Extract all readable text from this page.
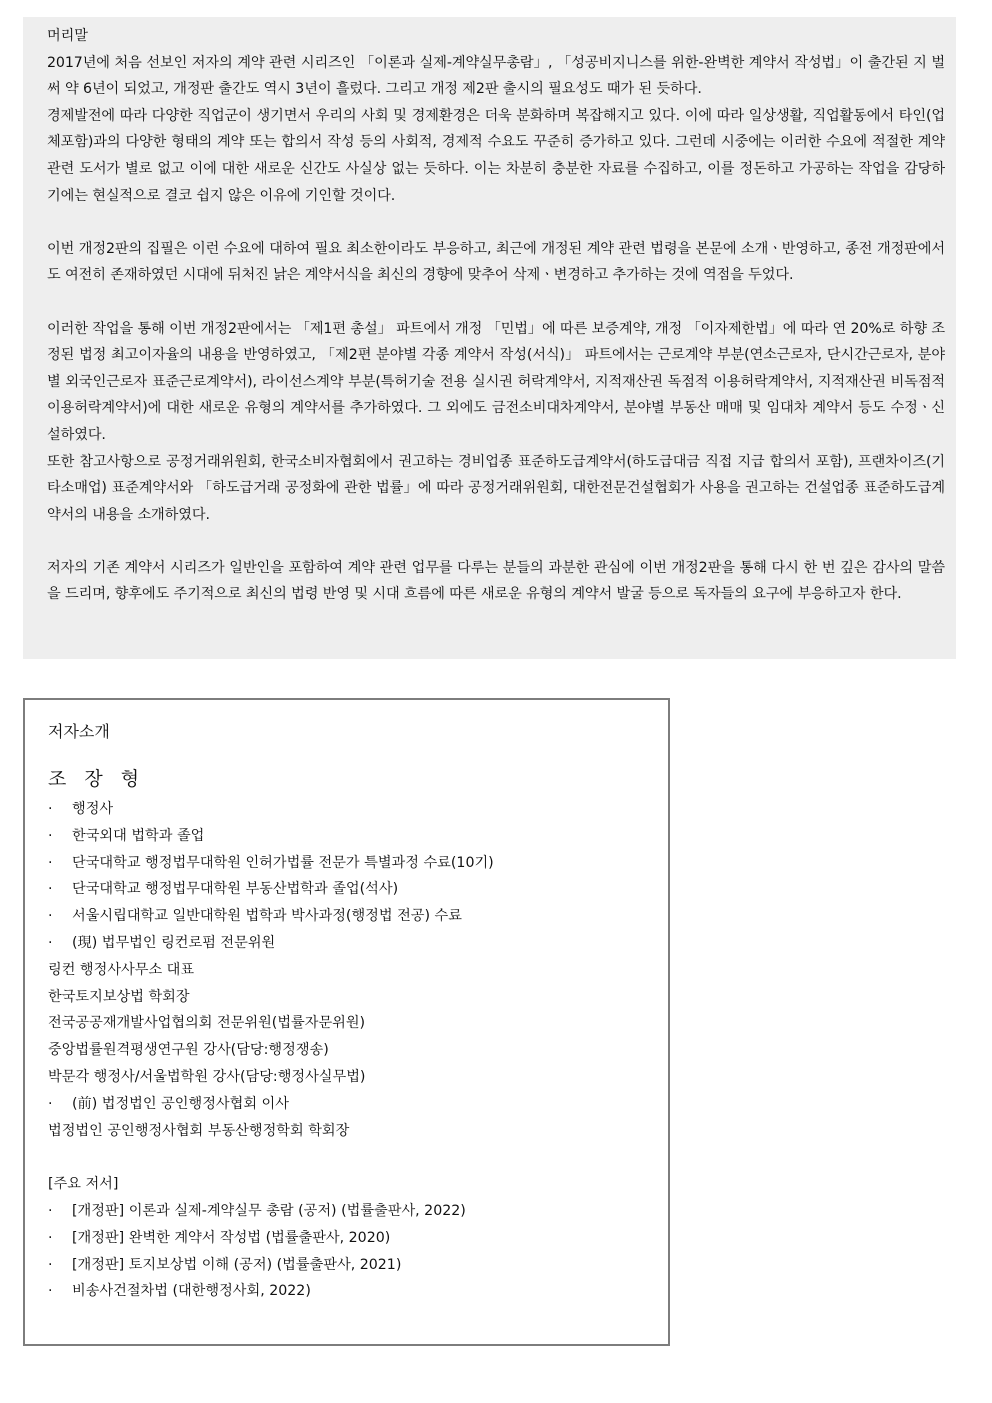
머리말

2017년에 처음 선보인 저자의 계약 관련 시리즈인 「이론과 실제-계약실무총람」, 「성공비지니스를 위한-완벽한 계약서 작성법」이 출간된 지 벌써 약 6년이 되었고, 개정판 출간도 역시 3년이 흘렀다. 그리고 개정 제2판 출시의 필요성도 때가 된 듯하다.

경제발전에 따라 다양한 직업군이 생기면서 우리의 사회 및 경제환경은 더욱 분화하며 복잡해지고 있다. 이에 따라 일상생활, 직업활동에서 타인(업체포함)과의 다양한 형태의 계약 또는 합의서 작성 등의 사회적, 경제적 수요도 꾸준히 증가하고 있다. 그런데 시중에는 이러한 수요에 적절한 계약 관련 도서가 별로 없고 이에 대한 새로운 신간도 사실상 없는 듯하다. 이는 차분히 충분한 자료를 수집하고, 이를 정돈하고 가공하는 작업을 감당하기에는 현실적으로 결코 쉽지 않은 이유에 기인할 것이다.

이번 개정2판의 집필은 이런 수요에 대하여 필요 최소한이라도 부응하고, 최근에 개정된 계약 관련 법령을 본문에 소개ㆍ반영하고, 종전 개정판에서도 여전히 존재하였던 시대에 뒤처진 낡은 계약서식을 최신의 경향에 맞추어 삭제ㆍ변경하고 추가하는 것에 역점을 두었다.

이러한 작업을 통해 이번 개정2판에서는 「제1편 총설」 파트에서 개정 「민법」에 따른 보증계약, 개정 「이자제한법」에 따라 연 20%로 하향 조정된 법정 최고이자율의 내용을 반영하였고, 「제2편 분야별 각종 계약서 작성(서식)」 파트에서는 근로계약 부분(연소근로자, 단시간근로자, 분야별 외국인근로자 표준근로계약서), 라이선스계약 부분(특허기술 전용 실시권 허락계약서, 지적재산권 독점적 이용허락계약서, 지적재산권 비독점적 이용허락계약서)에 대한 새로운 유형의 계약서를 추가하였다. 그 외에도 금전소비대차계약서, 분야별 부동산 매매 및 임대차 계약서 등도 수정ㆍ신설하였다.

또한 참고사항으로 공정거래위원회, 한국소비자협회에서 권고하는 경비업종 표준하도급계약서(하도급대금 직접 지급 합의서 포함), 프랜차이즈(기타소매업) 표준계약서와 「하도급거래 공정화에 관한 법률」에 따라 공정거래위원회, 대한전문건설협회가 사용을 권고하는 건설업종 표준하도급계약서의 내용을 소개하였다.

저자의 기존 계약서 시리즈가 일반인을 포함하여 계약 관련 업무를 다루는 분들의 과분한 관심에 이번 개정2판을 통해 다시 한 번 깊은 감사의 말씀을 드리며, 향후에도 주기적으로 최신의 법령 반영 및 시대 흐름에 따른 새로운 유형의 계약서 발굴 등으로 독자들의 요구에 부응하고자 한다.

저자소개

조 장 형

· 행정사

· 한국외대 법학과 졸업

· 단국대학교 행정법무대학원 인허가법률 전문가 특별과정 수료(10기)

· 단국대학교 행정법무대학원 부동산법학과 졸업(석사)

· 서울시립대학교 일반대학원 법학과 박사과정(행정법 전공) 수료

· (現) 법무법인 링컨로펌 전문위원

링컨 행정사사무소 대표

한국토지보상법 학회장

전국공공재개발사업협의회 전문위원(법률자문위원)

중앙법률원격평생연구원 강사(담당:행정쟁송)

박문각 행정사/서울법학원 강사(담당:행정사실무법)

· (前) 법정법인 공인행정사협회 이사

법정법인 공인행정사협회 부동산행정학회 학회장

[주요 저서]

· [개정판] 이론과 실제-계약실무 총람 (공저) (법률출판사, 2022)

· [개정판] 완벽한 계약서 작성법 (법률출판사, 2020)

· [개정판] 토지보상법 이해 (공저) (법률출판사, 2021)

· 비송사건절차법 (대한행정사회, 2022)
